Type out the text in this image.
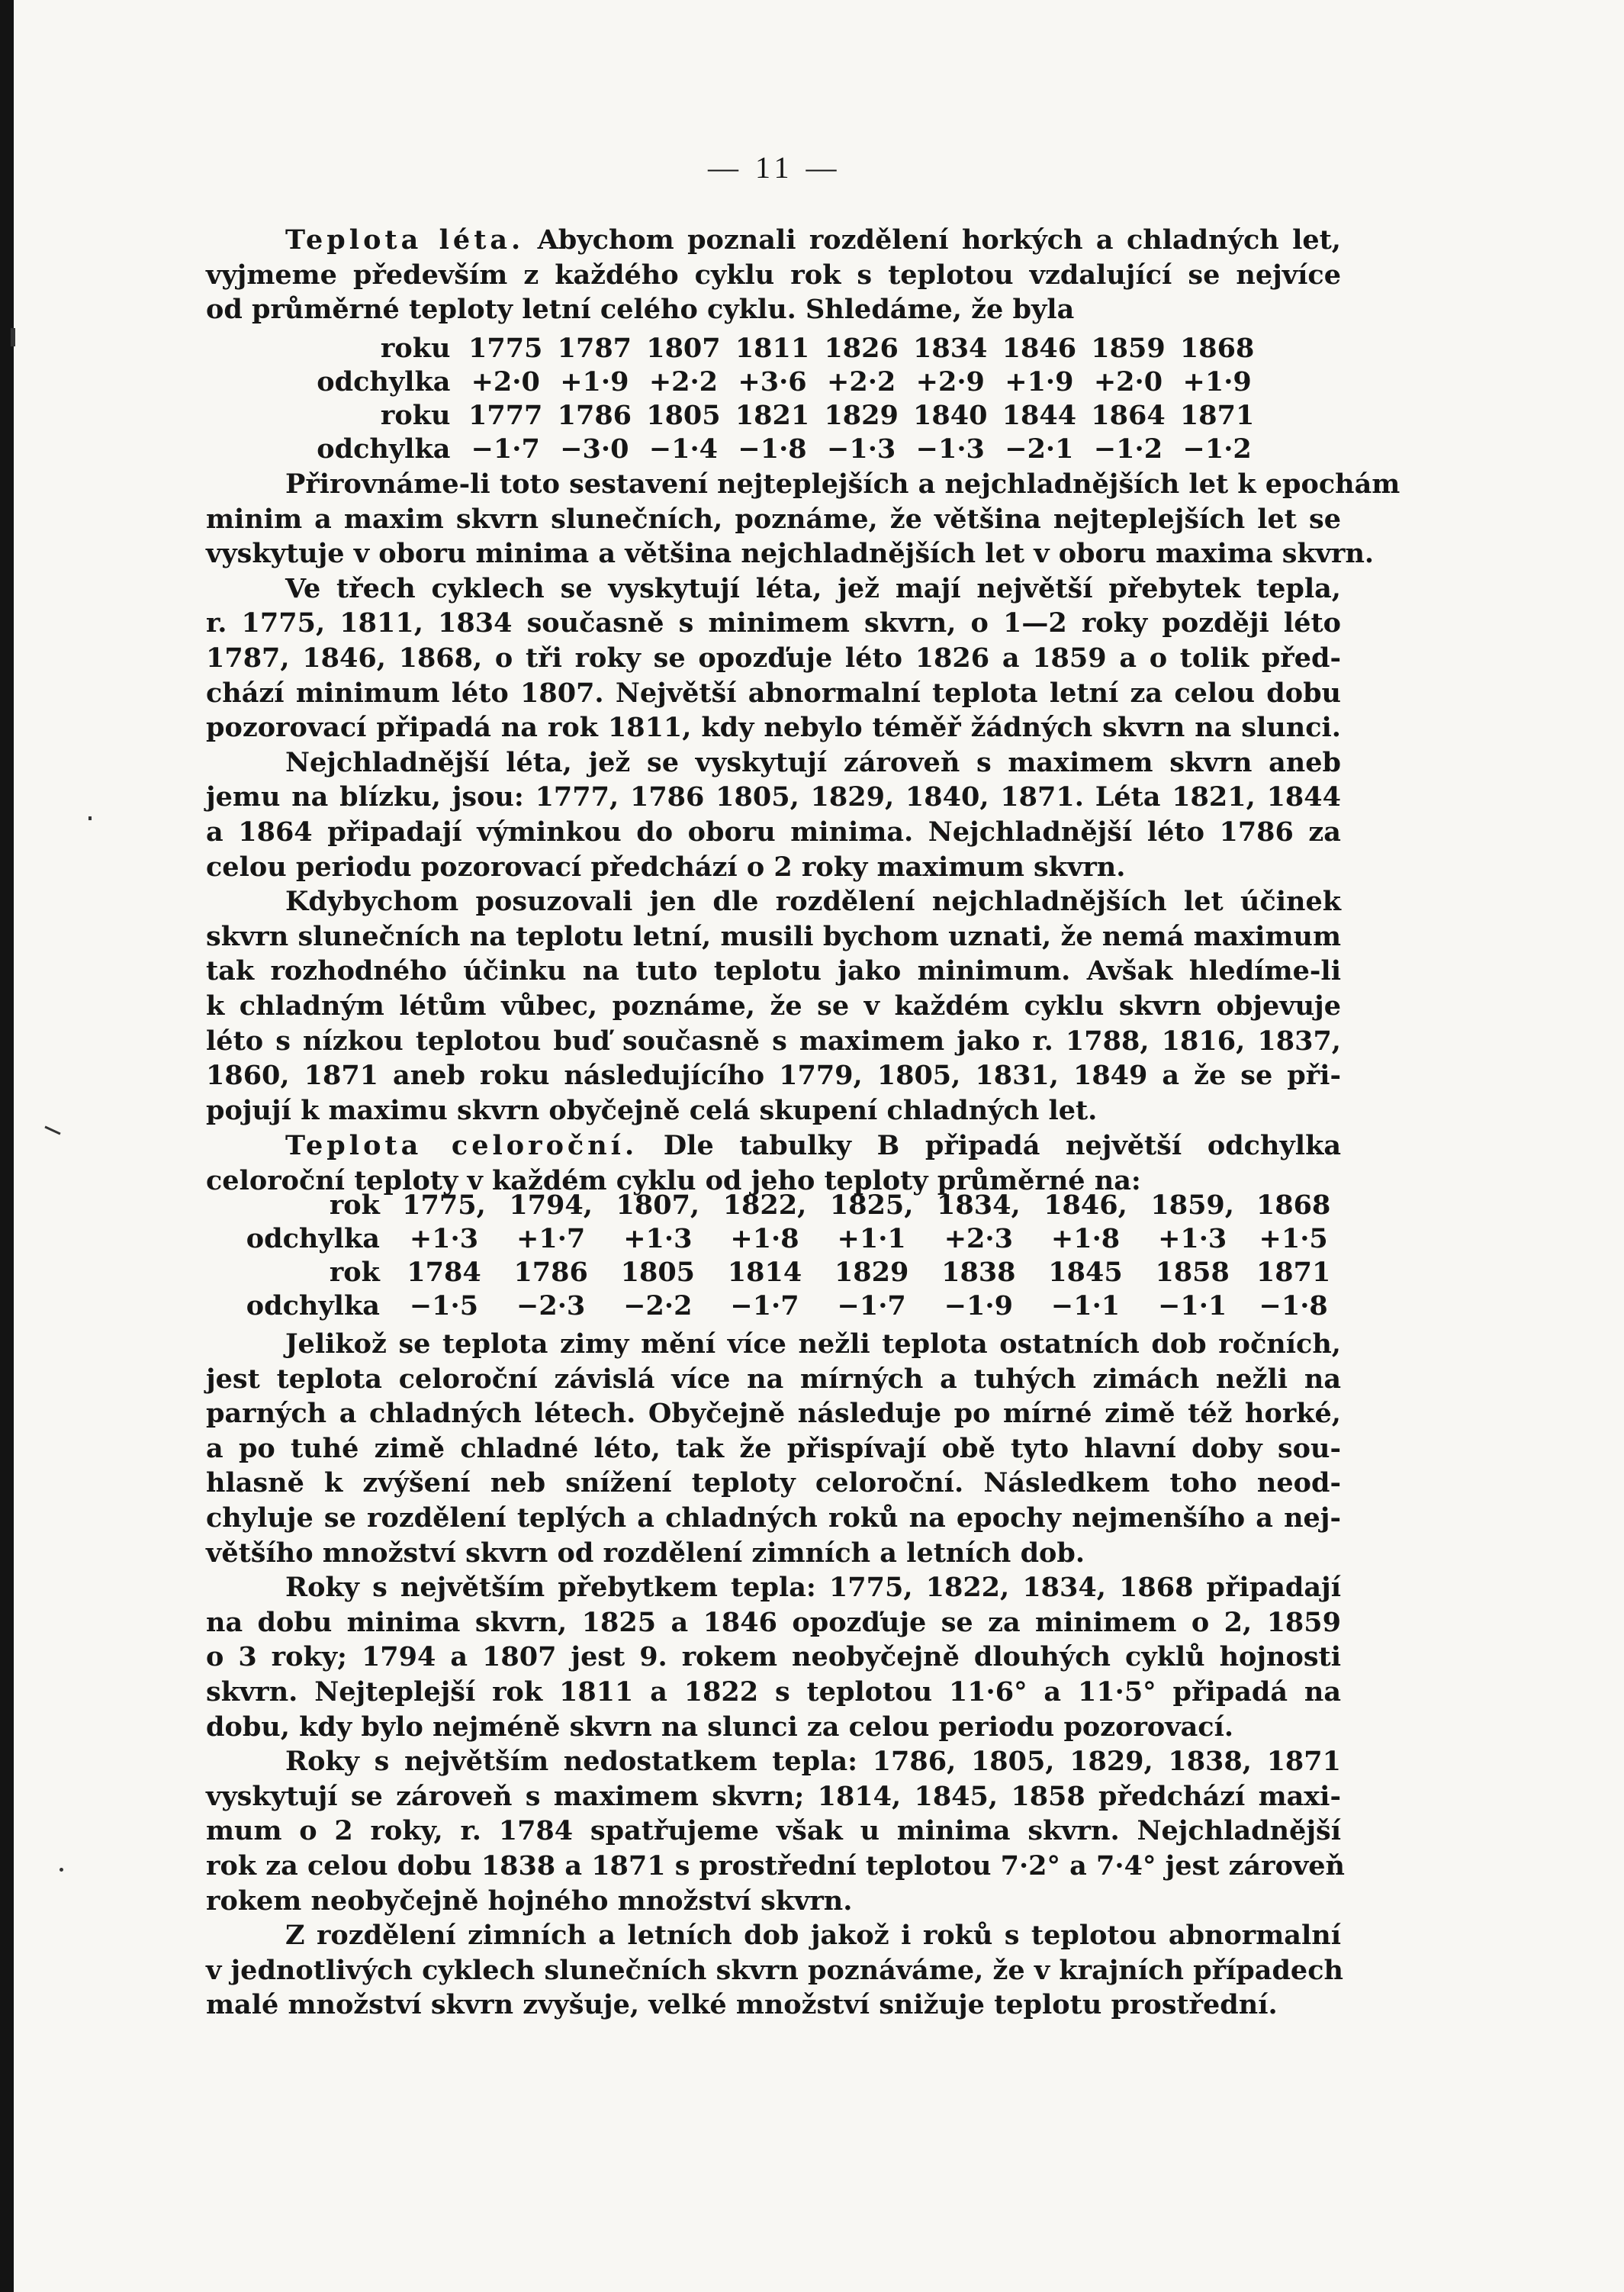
— 11 —
Teplota léta. Abychom poznali rozdělení horkých a chladných let,
vyjmeme především z každého cyklu rok s teplotou vzdalující se nejvíce
od průměrné teploty letní celého cyklu. Shledáme, že byla
roku	1775	1787	1807	1811	1826	1834	1846	1859	1868
odchylka	+2·0	+1·9	+2·2	+3·6	+2·2	+2·9	+1·9	+2·0	+1·9
roku	1777	1786	1805	1821	1829	1840	1844	1864	1871
odchylka	−1·7	−3·0	−1·4	−1·8	−1·3	−1·3	−2·1	−1·2	−1·2
Přirovnáme-li toto sestavení nejteplejších a nejchladnějších let k epochám
minim a maxim skvrn slunečních, poznáme, že většina nejteplejších let se
vyskytuje v oboru minima a většina nejchladnějších let v oboru maxima skvrn.
Ve třech cyklech se vyskytují léta, jež mají největší přebytek tepla,
r. 1775, 1811, 1834 současně s minimem skvrn, o 1—2 roky později léto
1787, 1846, 1868, o tři roky se opozďuje léto 1826 a 1859 a o tolik před-
chází minimum léto 1807. Největší abnormalní teplota letní za celou dobu
pozorovací připadá na rok 1811, kdy nebylo téměř žádných skvrn na slunci.
Nejchladnější léta, jež se vyskytují zároveň s maximem skvrn aneb
jemu na blízku, jsou: 1777, 1786 1805, 1829, 1840, 1871. Léta 1821, 1844
a 1864 připadají výminkou do oboru minima. Nejchladnější léto 1786 za
celou periodu pozorovací předchází o 2 roky maximum skvrn.
Kdybychom posuzovali jen dle rozdělení nejchladnějších let účinek
skvrn slunečních na teplotu letní, musili bychom uznati, že nemá maximum
tak rozhodného účinku na tuto teplotu jako minimum. Avšak hledíme-li
k chladným létům vůbec, poznáme, že se v každém cyklu skvrn objevuje
léto s nízkou teplotou buď současně s maximem jako r. 1788, 1816, 1837,
1860, 1871 aneb roku následujícího 1779, 1805, 1831, 1849 a že se při-
pojují k maximu skvrn obyčejně celá skupení chladných let.
Teplota celoroční. Dle tabulky B připadá největší odchylka
celoroční teploty v každém cyklu od jeho teploty průměrné na:
rok	1775,	1794,	1807,	1822,	1825,	1834,	1846,	1859,	1868
odchylka	+1·3	+1·7	+1·3	+1·8	+1·1	+2·3	+1·8	+1·3	+1·5
rok	1784	1786	1805	1814	1829	1838	1845	1858	1871
odchylka	−1·5	−2·3	−2·2	−1·7	−1·7	−1·9	−1·1	−1·1	−1·8
Jelikož se teplota zimy mění více nežli teplota ostatních dob ročních,
jest teplota celoroční závislá více na mírných a tuhých zimách nežli na
parných a chladných létech. Obyčejně následuje po mírné zimě též horké,
a po tuhé zimě chladné léto, tak že přispívají obě tyto hlavní doby sou-
hlasně k zvýšení neb snížení teploty celoroční. Následkem toho neod-
chyluje se rozdělení teplých a chladných roků na epochy nejmenšího a nej-
většího množství skvrn od rozdělení zimních a letních dob.
Roky s největším přebytkem tepla: 1775, 1822, 1834, 1868 připadají
na dobu minima skvrn, 1825 a 1846 opozďuje se za minimem o 2, 1859
o 3 roky; 1794 a 1807 jest 9. rokem neobyčejně dlouhých cyklů hojnosti
skvrn. Nejteplejší rok 1811 a 1822 s teplotou 11·6° a 11·5° připadá na
dobu, kdy bylo nejméně skvrn na slunci za celou periodu pozorovací.
Roky s největším nedostatkem tepla: 1786, 1805, 1829, 1838, 1871
vyskytují se zároveň s maximem skvrn; 1814, 1845, 1858 předchází maxi-
mum o 2 roky, r. 1784 spatřujeme však u minima skvrn. Nejchladnější
rok za celou dobu 1838 a 1871 s prostřední teplotou 7·2° a 7·4° jest zároveň
rokem neobyčejně hojného množství skvrn.
Z rozdělení zimních a letních dob jakož i roků s teplotou abnormalní
v jednotlivých cyklech slunečních skvrn poznáváme, že v krajních případech
malé množství skvrn zvyšuje, velké množství snižuje teplotu prostřední.
